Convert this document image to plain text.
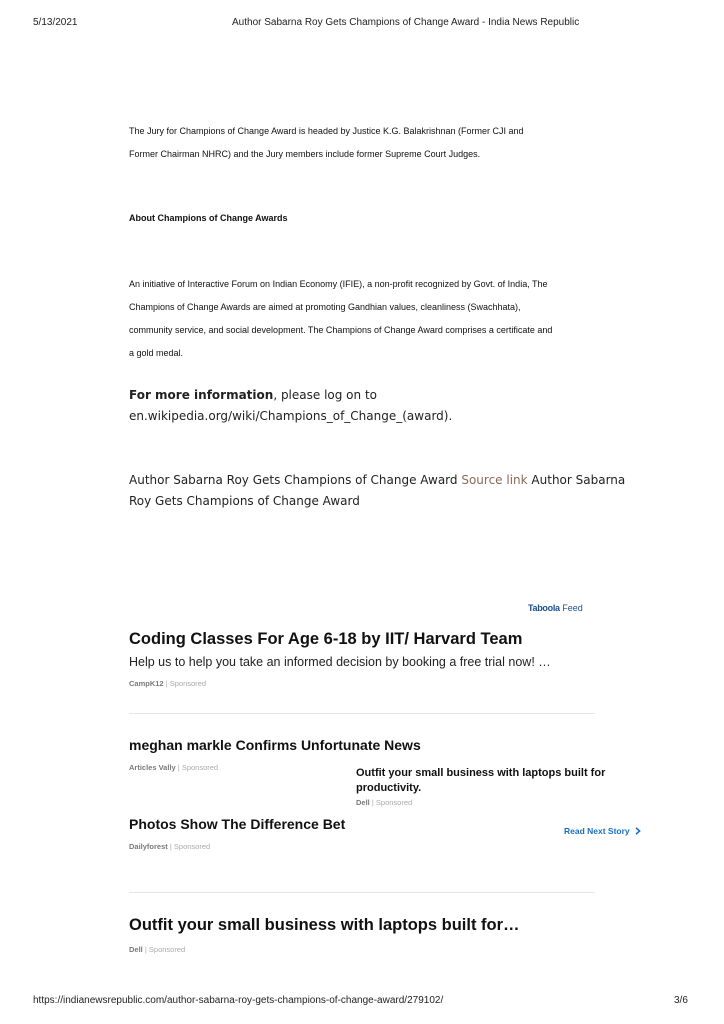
5/13/2021	Author Sabarna Roy Gets Champions of Change Award - India News Republic
The Jury for Champions of Change Award is headed by Justice K.G. Balakrishnan (Former CJI and
Former Chairman NHRC) and the Jury members include former Supreme Court Judges.
About Champions of Change Awards
An initiative of Interactive Forum on Indian Economy (IFIE), a non-profit recognized by Govt. of India, The
Champions of Change Awards are aimed at promoting Gandhian values, cleanliness (Swachhata),
community service, and social development. The Champions of Change Award comprises a certificate and
a gold medal.
For more information, please log on to
en.wikipedia.org/wiki/Champions_of_Change_(award).
Author Sabarna Roy Gets Champions of Change Award Source link Author Sabarna
Roy Gets Champions of Change Award
Taboola Feed
Coding Classes For Age 6-18 by IIT/ Harvard Team
Help us to help you take an informed decision by booking a free trial now! …
CampK12 | Sponsored
meghan markle Confirms Unfortunate News
Articles Vally | Sponsored
Photos Show The Difference Bet
Dailyforest | Sponsored
Outfit your small business with laptops built for
productivity.
Dell | Sponsored
Read Next Story
Outfit your small business with laptops built for…
Dell | Sponsored
https://indianewsrepublic.com/author-sabarna-roy-gets-champions-of-change-award/279102/	3/6
